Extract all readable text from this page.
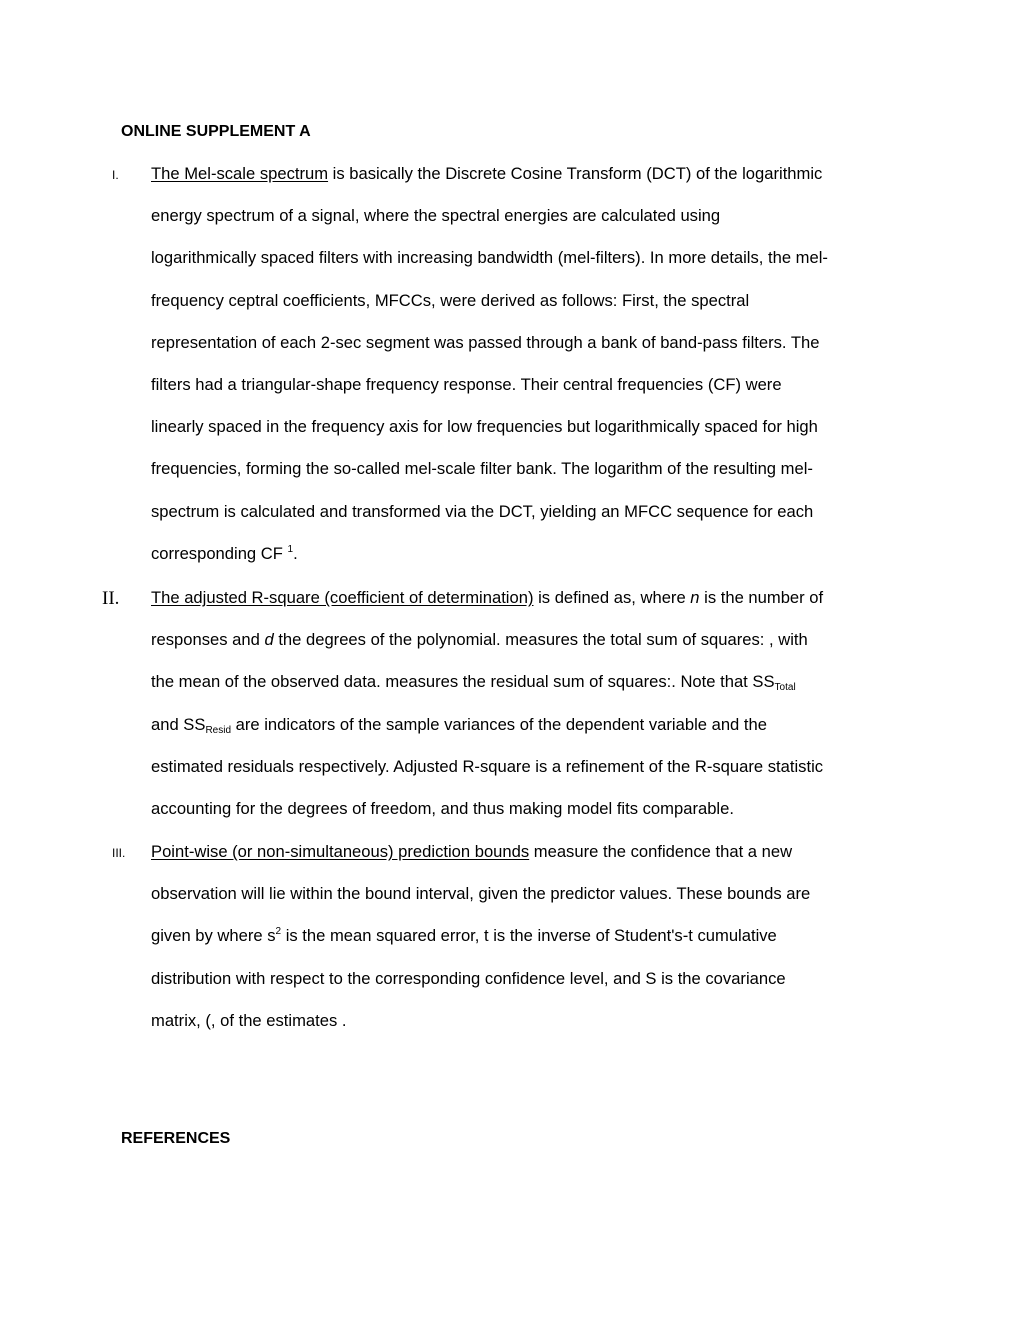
ONLINE SUPPLEMENT A
I. The Mel-scale spectrum is basically the Discrete Cosine Transform (DCT) of the logarithmic
energy spectrum of a signal, where the spectral energies are calculated using
logarithmically spaced filters with increasing bandwidth (mel-filters). In more details, the mel-
frequency ceptral coefficients, MFCCs, were derived as follows: First, the spectral
representation of each 2-sec segment was passed through a bank of band-pass filters. The
filters had a triangular-shape frequency response. Their central frequencies (CF) were
linearly spaced in the frequency axis for low frequencies but logarithmically spaced for high
frequencies, forming the so-called mel-scale filter bank. The logarithm of the resulting mel-
spectrum is calculated and transformed via the DCT, yielding an MFCC sequence for each
corresponding CF $^1$.
II. The adjusted R-square (coefficient of determination) is defined as, where n is the number of
responses and d the degrees of the polynomial. measures the total sum of squares: , with
the mean of the observed data. measures the residual sum of squares:. Note that $SS_{Total}$
and $SS_{Resid}$ are indicators of the sample variances of the dependent variable and the
estimated residuals respectively. Adjusted R-square is a refinement of the R-square statistic
accounting for the degrees of freedom, and thus making model fits comparable.
III. Point-wise (or non-simultaneous) prediction bounds measure the confidence that a new
observation will lie within the bound interval, given the predictor values. These bounds are
given by where $s^2$ is the mean squared error, t is the inverse of Student's-t cumulative
distribution with respect to the corresponding confidence level, and S is the covariance
matrix, (, of the estimates .
REFERENCES
